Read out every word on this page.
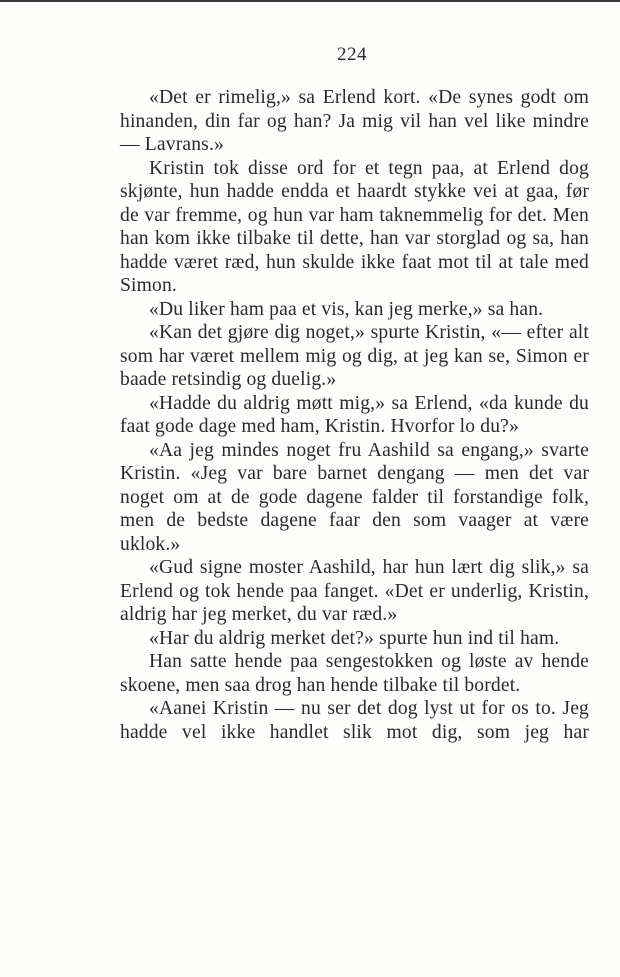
224

«Det er rimelig,» sa Erlend kort. «De synes godt om hinanden, din far og han? Ja mig vil han vel like mindre — Lavrans.»

Kristin tok disse ord for et tegn paa, at Erlend dog skjønte, hun hadde endda et haardt stykke vei at gaa, før de var fremme, og hun var ham taknemmelig for det. Men han kom ikke tilbake til dette, han var storglad og sa, han hadde været ræd, hun skulde ikke faat mot til at tale med Simon.

«Du liker ham paa et vis, kan jeg merke,» sa han.

«Kan det gjøre dig noget,» spurte Kristin, «— efter alt som har været mellem mig og dig, at jeg kan se, Simon er baade retsindig og duelig.»

«Hadde du aldrig møtt mig,» sa Erlend, «da kunde du faat gode dage med ham, Kristin. Hvorfor lo du?»

«Aa jeg mindes noget fru Aashild sa engang,» svarte Kristin. «Jeg var bare barnet dengang — men det var noget om at de gode dagene falder til forstandige folk, men de bedste dagene faar den som vaager at være uklok.»

«Gud signe moster Aashild, har hun lært dig slik,» sa Erlend og tok hende paa fanget. «Det er underlig, Kristin, aldrig har jeg merket, du var ræd.»

«Har du aldrig merket det?» spurte hun ind til ham.

Han satte hende paa sengestokken og løste av hende skoene, men saa drog han hende tilbake til bordet.

«Aanei Kristin — nu ser det dog lyst ut for os to. Jeg hadde vel ikke handlet slik mot dig, som jeg har
